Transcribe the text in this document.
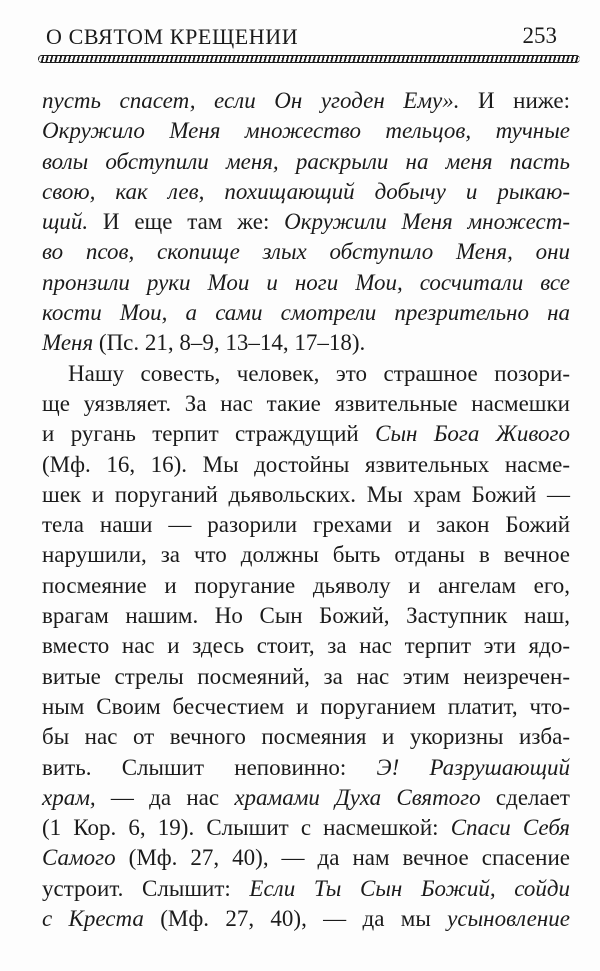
О СВЯТОМ КРЕЩЕНИИ	253
пусть спасет, если Он угоден Ему». И ниже:
Окружило Меня множество тельцов, тучные
волы обступили меня, раскрыли на меня пасть
свою, как лев, похищающий добычу и рыкаю-
щий. И еще там же: Окружили Меня множест-
во псов, скопище злых обступило Меня, они
пронзили руки Мои и ноги Мои, сосчитали все
кости Мои, а сами смотрели презрительно на
Меня (Пс. 21, 8–9, 13–14, 17–18).
Нашу совесть, человек, это страшное позори-
ще уязвляет. За нас такие язвительные насмешки
и ругань терпит страждущий Сын Бога Живого
(Мф. 16, 16). Мы достойны язвительных насме-
шек и поруганий дьявольских. Мы храм Божий —
тела наши — разорили грехами и закон Божий
нарушили, за что должны быть отданы в вечное
посмеяние и поругание дьяволу и ангелам его,
врагам нашим. Но Сын Божий, Заступник наш,
вместо нас и здесь стоит, за нас терпит эти ядо-
витые стрелы посмеяний, за нас этим неизречен-
ным Своим бесчестием и поруганием платит, что-
бы нас от вечного посмеяния и укоризны изба-
вить. Слышит неповинно: Э! Разрушающий
храм, — да нас храмами Духа Святого сделает
(1 Кор. 6, 19). Слышит с насмешкой: Спаси Себя
Самого (Мф. 27, 40), — да нам вечное спасение
устроит. Слышит: Если Ты Сын Божий, сойди
с Креста (Мф. 27, 40), — да мы усыновление
